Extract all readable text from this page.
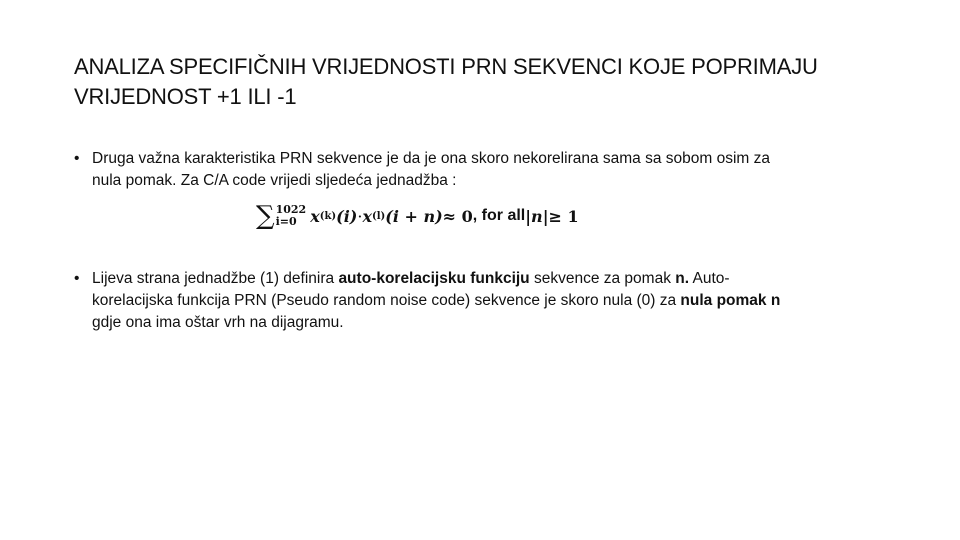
ANALIZA SPECIFIČNIH VRIJEDNOSTI PRN SEKVENCI KOJE POPRIMAJU
VRIJEDNOST +1 ILI -1

• Druga važna karakteristika PRN sekvence je da je ona skoro nekorelirana sama sa sobom osim za
nula pomak. Za C/A code vrijedi sljedeća jednadžba :

∑ 1022
i=0 x (k) (i) · x (l) (i + n) ≈ 0 , for all |n| ≥ 1

• Lijeva strana jednadžbe (1) definira auto-korelacijsku funkciju sekvence za pomak n. Auto-
korelacijska funkcija PRN (Pseudo random noise code) sekvence je skoro nula (0) za nula pomak n
gdje ona ima oštar vrh na dijagramu.
